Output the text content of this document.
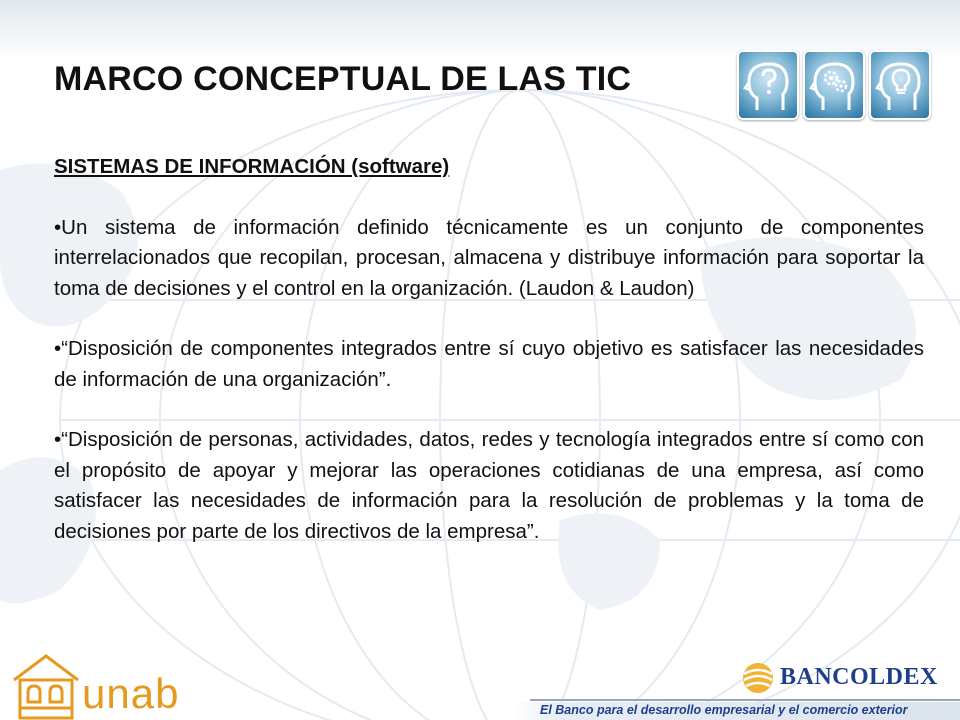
MARCO CONCEPTUAL DE LAS TIC

SISTEMAS DE INFORMACIÓN (software)

•Un sistema de información definido técnicamente es un conjunto de componentes interrelacionados que recopilan, procesan, almacena y distribuye información para soportar la toma de decisiones y el control en la organización. (Laudon & Laudon)

•“Disposición de componentes integrados entre sí cuyo objetivo es satisfacer las necesidades de información de una organización”.

•“Disposición de personas, actividades, datos, redes y tecnología integrados entre sí como con el propósito de apoyar y mejorar las operaciones cotidianas de una empresa, así como satisfacer las necesidades de información para la resolución de problemas y la toma de decisiones por parte de los directivos de la empresa”.

unab	BANCOLDEX
El Banco para el desarrollo empresarial y el comercio exterior
